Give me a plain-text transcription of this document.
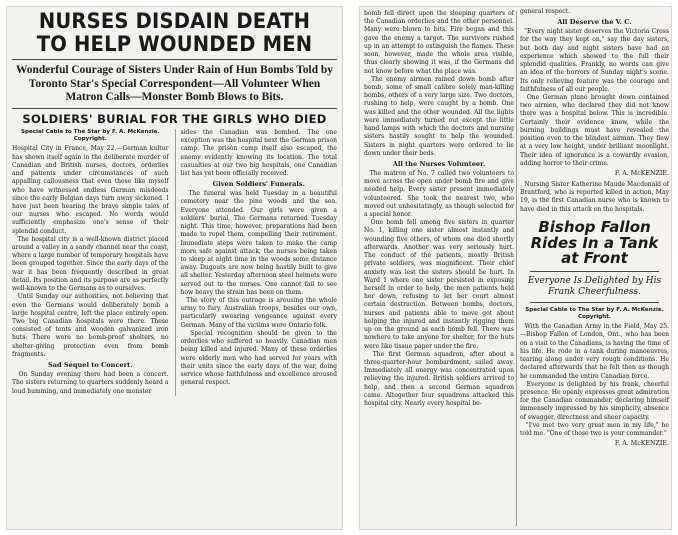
NURSES DISDAIN DEATH
TO HELP WOUNDED MEN
Wonderful Courage of Sisters Under Rain of Hun Bombs Told by Toronto Star's Special Correspondent—All Volunteer When Matron Calls—Monster Bomb Blows to Bits.
SOLDIERS' BURIAL FOR THE GIRLS WHO DIED
Special Cable to The Star by F. A. McKenzie. Copyright.
Hospital City in France, May 22.—German kultur has shown itself again in the deliberate murder of Canadian and British nurses, doctors, orderlies and patients under circumstances of such appalling callousness that even those like myself who have witnessed endless German misdeeds since the early Belgian days turn away sickened. I have just been hearing the brave simple tales of our nurses who escaped. No words would sufficiently emphasize one's sense of their splendid conduct.
The hospital city is a well-known district placed around a valley in a sandy channel near the coast, where a large number of temporary hospitals have been grouped together. Since the early days of the war it has been frequently described in great detail. Its position and its purpose are as perfectly well-known to the Germans as to ourselves.
Until Sunday our authorities, not believing that even the Germans would deliberately bomb a large hospital centre, left the place entirely open. Two big Canadian hospitals were there. These consisted of tents and wooden galvanized iron huts. There were no bomb-proof shelters, no shelter-giving protection even from bomb fragments.
Sad Sequel to Concert.
On Sunday evening there had been a concert. The sisters returning to quarters suddenly heard a loud humming, and immediately one monster
sides the Canadian was bombed. The one exception was the hospital next the German prison camp. The prison camp itself also escaped, the enemy evidently knowing its location. The total casualties at our two big hospitals, one Canadian list has yet been officially received.
Given Soldiers' Funerals.
The funeral was held Tuesday in a beautiful cemetery near the pine woods and the sea. Everyone attended. Our girls were given a soldiers' burial. The Germans returned Tuesday night. This time, however, preparations had been made to repel them, compelling their retirement. Immediate steps were taken to make the camp more safe against attack, the nurses being taken to sleep at night time in the woods some distance away. Dugouts are now being hastily built to give all shelter. Yesterday afternoon steel helmets were served out to the nurses. One cannot fail to see how heavy the strain has been on them.
The story of this outrage is arousing the whole army to fury. Australian troops, besides our own, particularly swearing vengeance against every German. Many of the victims were Ontario folk.
Special recognition should be given to the orderlies who suffered so heavily. Canadian men being killed and injured. Many of these orderlies were elderly men who had served for years with their units since the early days of the war, doing service whose faithfulness and excellence aroused general respect.
bomb fell direct upon the sleeping quarters of the Canadian orderlies and the other personnel. Many were blown to bits. Fire began and this gave the enemy a target. The survivors rushed up in an attempt to extinguish the flames. These soon, however, made the whole area visible, thus clearly showing it was, if the Germans did not know before what the place was.
The enemy airmen rained down bomb after bomb, some of small calibre solely man-killing bombs, others of a very large size. Two doctors, rushing to help, were caught by a bomb. One was killed and the other wounded. All the lights were immediately turned out except the little hand lamps with which the doctors and nursing sisters hastily sought to help the wounded. Sisters in night quarters were ordered to lie down under their beds.
All the Nurses Volunteer.
The matron of No. 7 called two volunteers to move across the open under bomb fire and give needed help. Every sister present immediately volunteered. She took the nearest two, who moved out unhesitatingly, as though selected for a special honor.
One bomb fell among five sisters in quarter No. 1, killing one sister almost instantly and wounding five others, of whom one died shortly afterwards. Another was very seriously hurt. The conduct of the patients, mostly British private soldiers, was magnificent. Their chief anxiety was lest the sisters should be hurt. In Ward 1 where one sister persisted in exposing herself in order to help, the men patients held her down, refusing to let her court almost certain destruction. Between bombs, doctors, nurses and patients able to move got about helping the injured and instantly rigging them up on the ground as each bomb fell. There was nowhere to take anyone for shelter, for the huts were like tissue paper under the fire.
The first German squadron, after about a three-quarter-hour bombardment, sailed away. Immediately all energy was concentrated upon relieving the injured. British soldiers arrived to help, and then a second German squadron came. Altogether four squadrons attacked this hospital city. Nearly every hospital be-
general respect.
All Deserve the V. C.
"Every night sister deserves the Victoria Cross for the way they kept on," say the day sisters, but both day and night sisters have had an experience which showed to the full their splendid qualities. Frankly, no words can give an idea of the horrors of Sunday night's scene. Its only relieving feature was the courage and faithfulness of all our people.
One German plane brought down contained two airmen, who declared they did not know there was a hospital below. This is incredible. Certainly their evidence knew, while the burning buildings must have revealed the position even to the blindest airman. They flew at a very low height, under brilliant moonlight. Their idea of ignorance is a cowardly evasion, adding horror to their crime.
F. A. McKENZIE.
Nursing Sister Katherine Maude Macdonald of Brantford, who is reported killed in action, May 19, is the first Canadian nurse who is known to have died in this attack on the hospitals.
Bishop Fallon Rides In a Tank at Front
Everyone Is Delighted by His Frank Cheerfulness.
Special Cable to The Star by F. A. McKenzie. Copyright.
With the Canadian Army in the Field, May 25.—Bishop Fallon of London, Ont., who has been on a visit to the Canadians, is having the time of his life. He rode in a tank during manoeuvres, tearing along under very rough conditions. He declared afterwards that he felt then as though he commanded the entire Canadian force.
Everyone is delighted by his frank, cheerful presence. He openly expresses great admiration for the Canadian commander, declaring himself immensely impressed by his simplicity, absence of swagger, directness and sheer capacity.
"I've met two very great men in my life," he told me. "One of those two is your commander."
F. A. McKENZIE.
